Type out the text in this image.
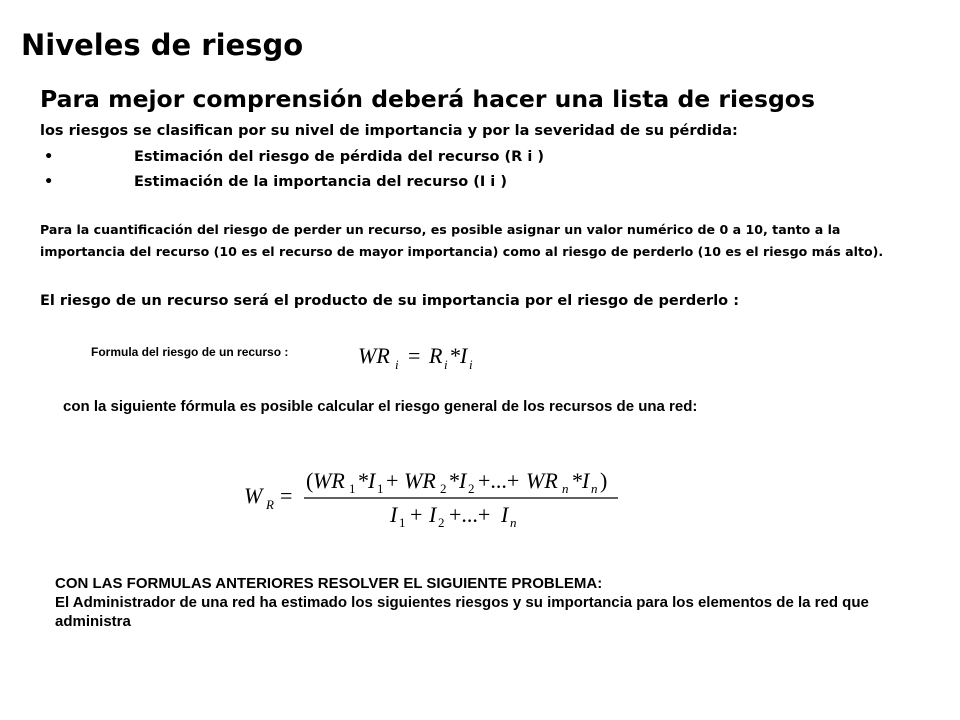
Niveles de riesgo
Para mejor comprensión deberá hacer una lista de riesgos
los riesgos se clasifican por su nivel de importancia y por la severidad de su pérdida:
•	Estimación del riesgo de pérdida del recurso (R i )
•	Estimación de la importancia del recurso (I i )
Para la cuantificación del riesgo de perder un recurso, es posible asignar un valor numérico de 0 a 10, tanto a la importancia del recurso (10 es el recurso de mayor importancia) como al riesgo de perderlo (10 es el riesgo más alto).
El riesgo de un recurso será el producto de su importancia por el riesgo de perderlo :
Formula del riesgo de un recurso :	WR i = R i * I i
con la siguiente fórmula es posible calcular el riesgo general de los recursos de una red:
W R =
( WR 1 * I 1 + WR 2 * I 2 +...+ WR n * I n )
I 1 + I 2 +...+ I n
CON LAS FORMULAS ANTERIORES RESOLVER EL SIGUIENTE PROBLEMA:
El Administrador de una red ha estimado los siguientes riesgos y su importancia para los elementos de la red que administra
